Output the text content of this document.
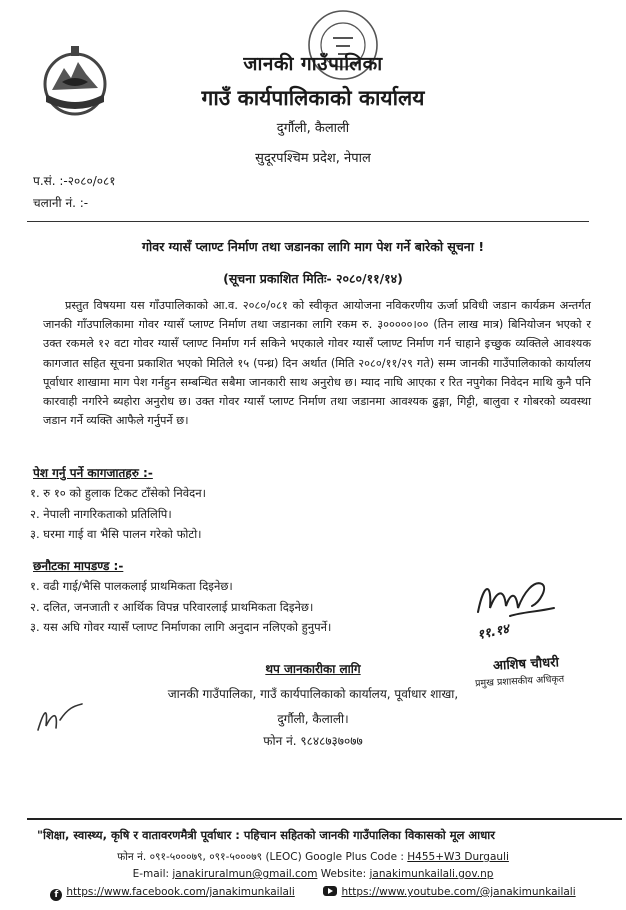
जानकी गाउँपालिका
गाउँ कार्यपालिकाको कार्यालय
दुर्गौली, कैलाली
सुदूरपश्चिम प्रदेश, नेपाल
प.सं. :-२०८०/०८१
चलानी नं. :-
गोवर ग्यासँ प्लाण्ट निर्माण तथा जडानका लागि माग पेश गर्ने बारेको सूचना !
(सूचना प्रकाशित मितिः- २०८०/११/१४)
प्रस्तुत विषयमा यस गाँउपालिकाको आ.व. २०८०/०८१ को स्वीकृत आयोजना नविकरणीय ऊर्जा प्रविधी जडान कार्यक्रम अन्तर्गत जानकी गाँउपालिकामा गोवर ग्यासँ प्लाण्ट निर्माण तथा जडानका लागि रकम रु. ३०००००।०० (तिन लाख मात्र) बिनियोजन भएको र उक्त रकमले १२ वटा गोवर ग्यासँ प्लाण्ट निर्माण गर्न सकिने भएकाले गोवर ग्यासँ प्लाण्ट निर्माण गर्न चाहाने इच्छुक व्यक्तिले आवश्यक कागजात सहित सूचना प्रकाशित भएको मितिले १५ (पन्ध्र) दिन अर्थात (मिति २०८०/११/२९ गते) सम्म जानकी गाउँपालिकाको कार्यालय पूर्वाधार शाखामा माग पेश गर्नहुन सम्बन्धित सबैमा जानकारी साथ अनुरोध छ। म्याद नाघि आएका र रित नपुगेका निवेदन माथि कुनै पनि कारवाही नगरिने ब्यहोरा अनुरोध छ। उक्त गोवर ग्यासँ प्लाण्ट निर्माण तथा जडानमा आवश्यक ढुङ्गा, गिट्टी, बालुवा र गोबरको व्यवस्था जडान गर्ने व्यक्ति आफैले गर्नुपर्ने छ।
पेश गर्नु पर्ने कागजातहरु :-
१. रु १० को हुलाक टिकट टाँसेको निवेदन।
२. नेपाली नागरिकताको प्रतिलिपि।
३. घरमा गाई वा भैसि पालन गरेको फोटो।
छनौटका मापडण्ड :-
१. वढी गाई/भैसि पालकलाई प्राथमिकता दिइनेछ।
२. दलित, जनजाती र आर्थिक विपन्न परिवारलाई प्राथमिकता दिइनेछ।
३. यस अघि गोवर ग्यासँ प्लाण्ट निर्माणका लागि अनुदान नलिएको हुनुपर्ने।	११.१४
आशिष चौधरी
प्रमुख प्रशासकीय अधिकृत
थप जानकारीका लागि
जानकी गाउँपालिका, गाउँ कार्यपालिकाको कार्यालय, पूर्वाधार शाखा,
दुर्गौली, कैलाली।
फोन नं. ९८४८७३७०७७
"शिक्षा, स्वास्थ्य, कृषि र वातावरणमैत्री पूर्वाधार : पहिचान सहितको जानकी गाउँपालिका विकासको मूल आधार
फोन नं. ०९१-५०००७९, ०९१-५०००७९ (LEOC) Google Plus Code : H455+W3 Durgauli
E-mail: janakiruralmun@gmail.com Website: janakimunkailali.gov.np
f https://www.facebook.com/janakimunkailali	https://www.youtube.com/@janakimunkailali
